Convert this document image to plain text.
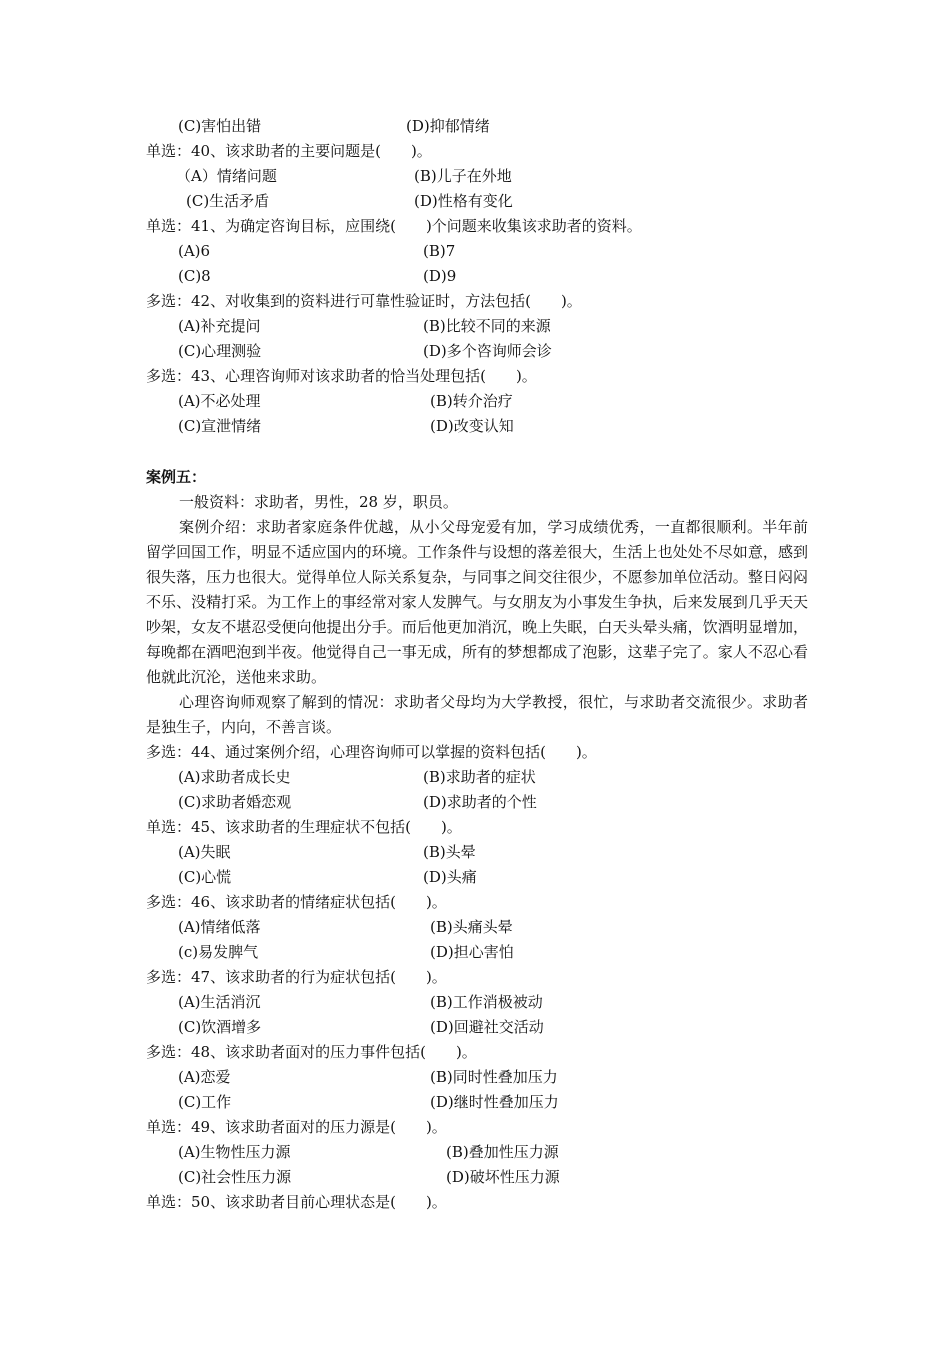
(C)害怕出错	(D)抑郁情绪
单选：40、该求助者的主要问题是(　　)。
（A）情绪问题	(B)儿子在外地
(C)生活矛盾	(D)性格有变化
单选：41、为确定咨询目标，应围绕(　　)个问题来收集该求助者的资料。
(A)6	(B)7
(C)8	(D)9
多选：42、对收集到的资料进行可靠性验证时，方法包括(　　)。
(A)补充提问	(B)比较不同的来源
(C)心理测验	(D)多个咨询师会诊
多选：43、心理咨询师对该求助者的恰当处理包括(　　)。
(A)不必处理	(B)转介治疗
(C)宣泄情绪	(D)改变认知
案例五：
一般资料：求助者，男性，28 岁，职员。
案例介绍：求助者家庭条件优越，从小父母宠爱有加，学习成绩优秀，一直都很顺利。半年前留学回国工作，明显不适应国内的环境。工作条件与设想的落差很大，生活上也处处不尽如意，感到很失落，压力也很大。觉得单位人际关系复杂，与同事之间交往很少，不愿参加单位活动。整日闷闷不乐、没精打采。为工作上的事经常对家人发脾气。与女朋友为小事发生争执，后来发展到几乎天天吵架，女友不堪忍受便向他提出分手。而后他更加消沉，晚上失眠，白天头晕头痛，饮酒明显增加，每晚都在酒吧泡到半夜。他觉得自己一事无成，所有的梦想都成了泡影，这辈子完了。家人不忍心看他就此沉沦，送他来求助。
心理咨询师观察了解到的情况：求助者父母均为大学教授，很忙，与求助者交流很少。求助者是独生子，内向，不善言谈。
多选：44、通过案例介绍，心理咨询师可以掌握的资料包括(　　)。
(A)求助者成长史	(B)求助者的症状
(C)求助者婚恋观	(D)求助者的个性
单选：45、该求助者的生理症状不包括(　　)。
(A)失眠	(B)头晕
(C)心慌	(D)头痛
多选：46、该求助者的情绪症状包括(　　)。
(A)情绪低落	(B)头痛头晕
(c)易发脾气	(D)担心害怕
多选：47、该求助者的行为症状包括(　　)。
(A)生活消沉	(B)工作消极被动
(C)饮酒增多	(D)回避社交活动
多选：48、该求助者面对的压力事件包括(　　)。
(A)恋爱	(B)同时性叠加压力
(C)工作	(D)继时性叠加压力
单选：49、该求助者面对的压力源是(　　)。
(A)生物性压力源	(B)叠加性压力源
(C)社会性压力源	(D)破坏性压力源
单选：50、该求助者目前心理状态是(　　)。
